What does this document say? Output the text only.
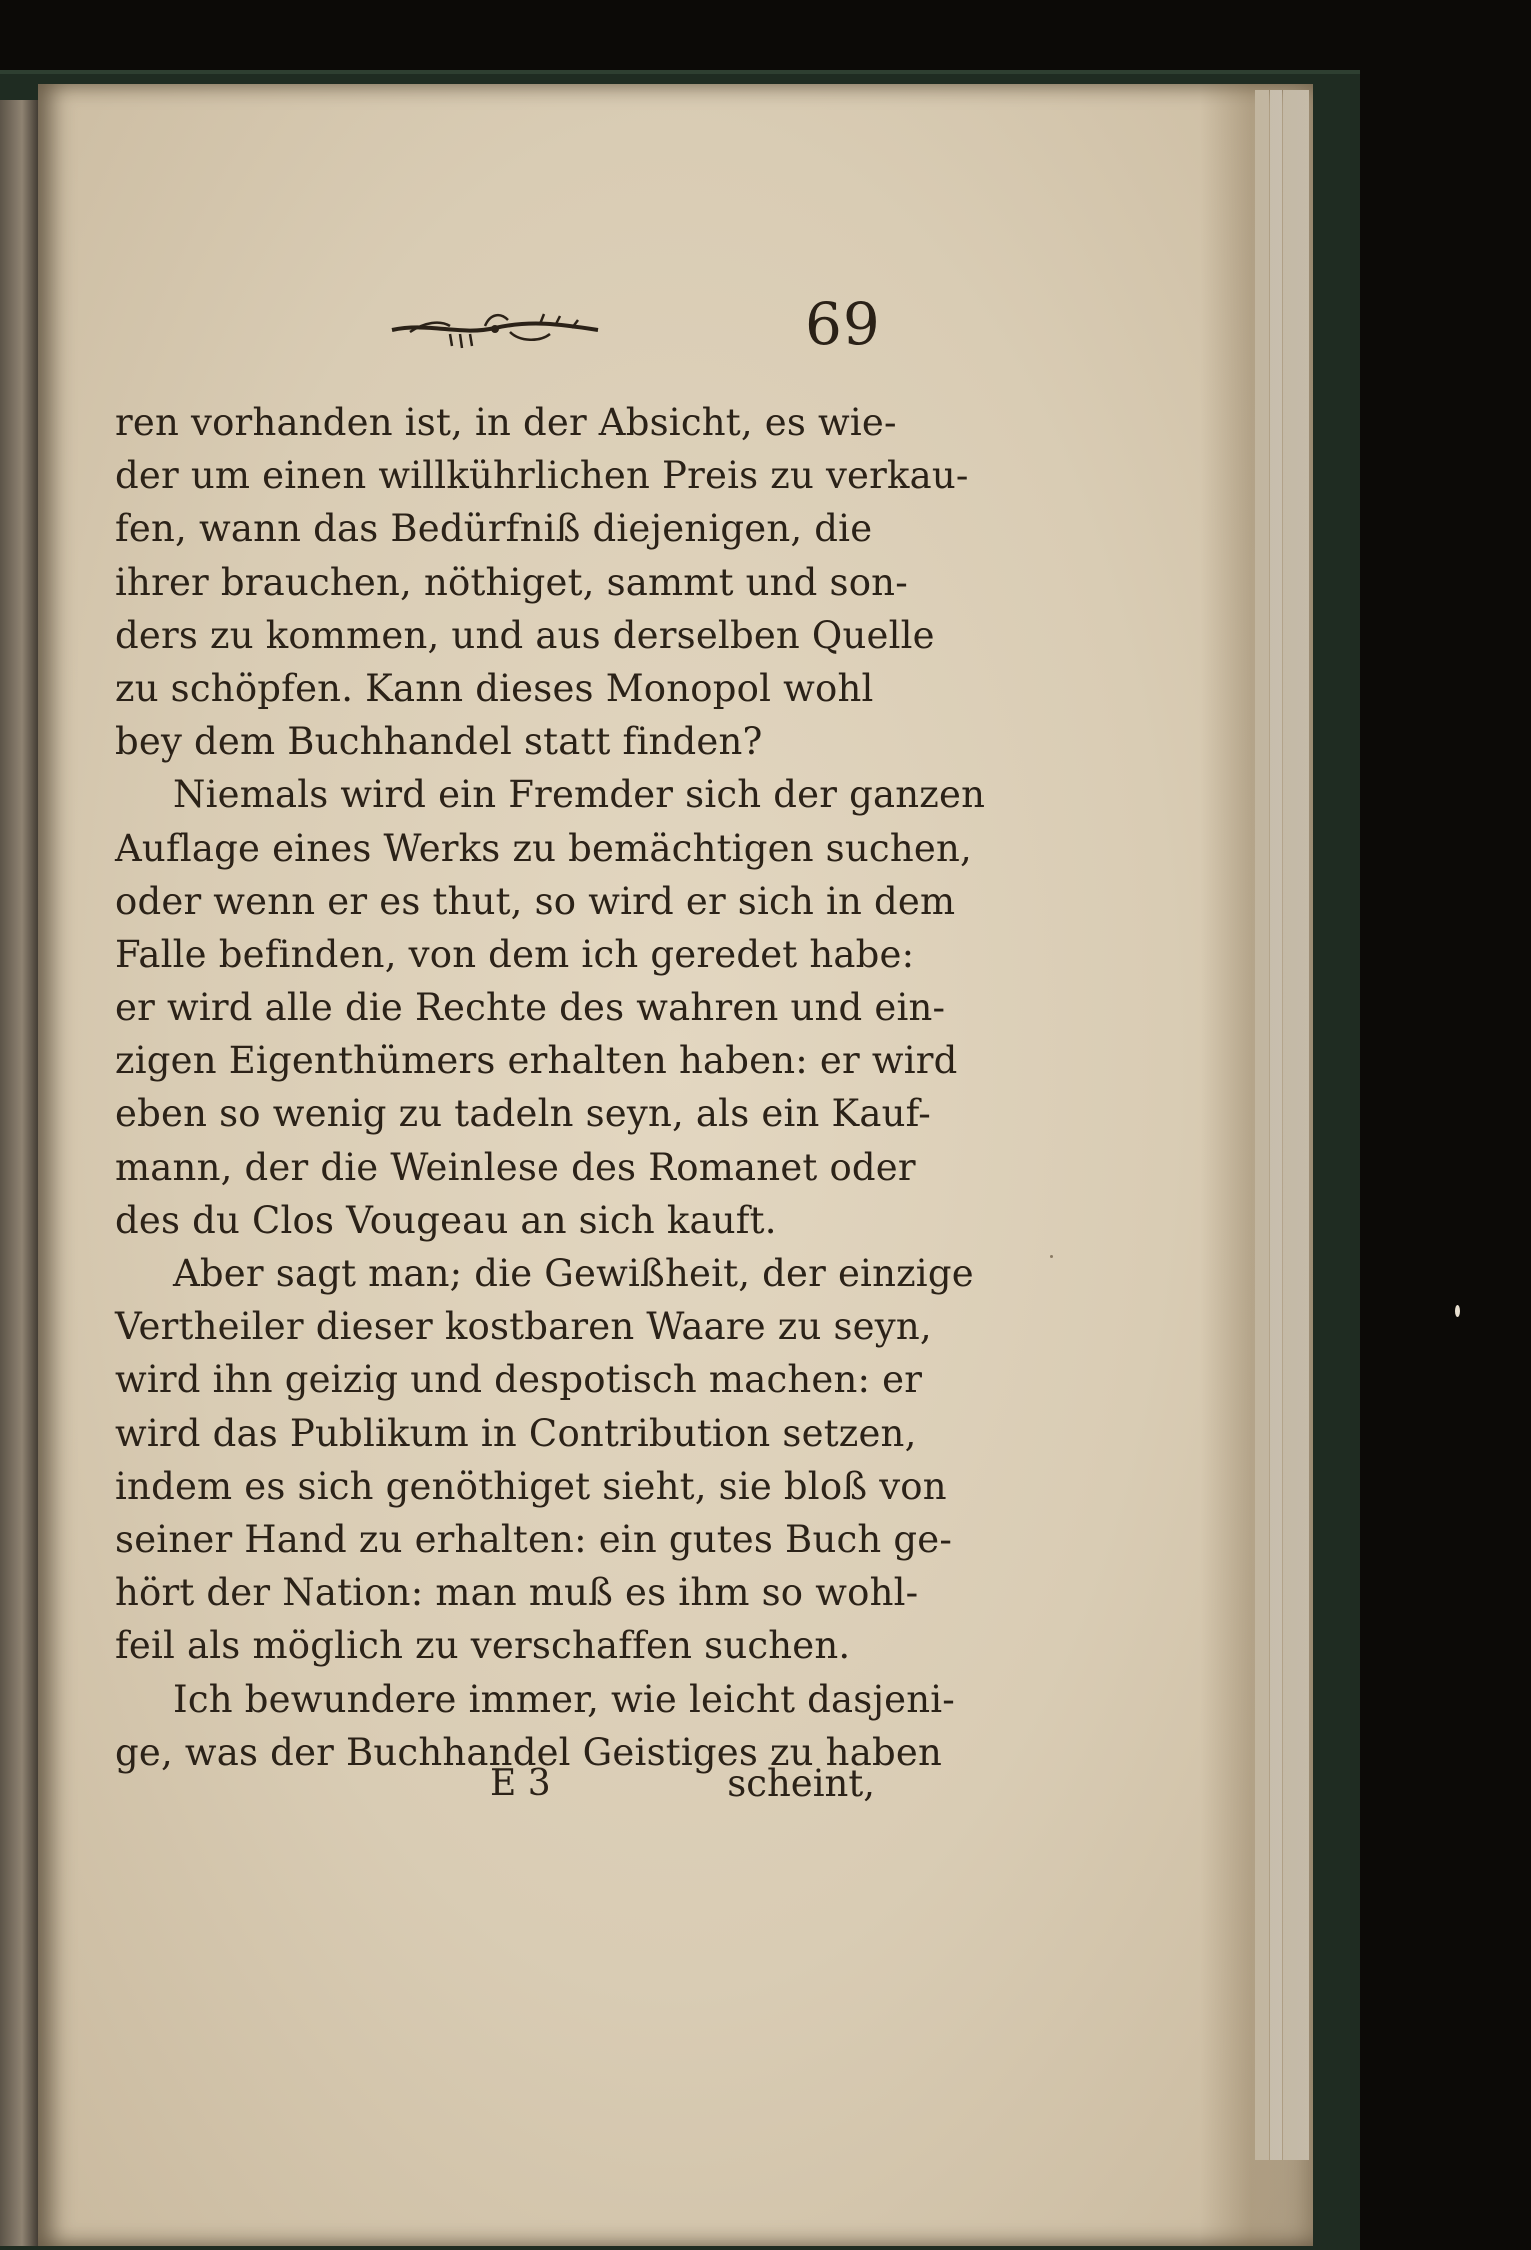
69
ren vorhanden ist, in der Absicht, es wie-
der um einen willkührlichen Preis zu verkau-
fen, wann das Bedürfniß diejenigen, die
ihrer brauchen, nöthiget, sammt und son-
ders zu kommen, und aus derselben Quelle
zu schöpfen. Kann dieses Monopol wohl
bey dem Buchhandel statt finden?
Niemals wird ein Fremder sich der ganzen
Auflage eines Werks zu bemächtigen suchen,
oder wenn er es thut, so wird er sich in dem
Falle befinden, von dem ich geredet habe:
er wird alle die Rechte des wahren und ein-
zigen Eigenthümers erhalten haben: er wird
eben so wenig zu tadeln seyn, als ein Kauf-
mann, der die Weinlese des Romanet oder
des du Clos Vougeau an sich kauft.
Aber sagt man; die Gewißheit, der einzige
Vertheiler dieser kostbaren Waare zu seyn,
wird ihn geizig und despotisch machen: er
wird das Publikum in Contribution setzen,
indem es sich genöthiget sieht, sie bloß von
seiner Hand zu erhalten: ein gutes Buch ge-
hört der Nation: man muß es ihm so wohl-
feil als möglich zu verschaffen suchen.
Ich bewundere immer, wie leicht dasjeni-
ge, was der Buchhandel Geistiges zu haben
E 3	scheint,
